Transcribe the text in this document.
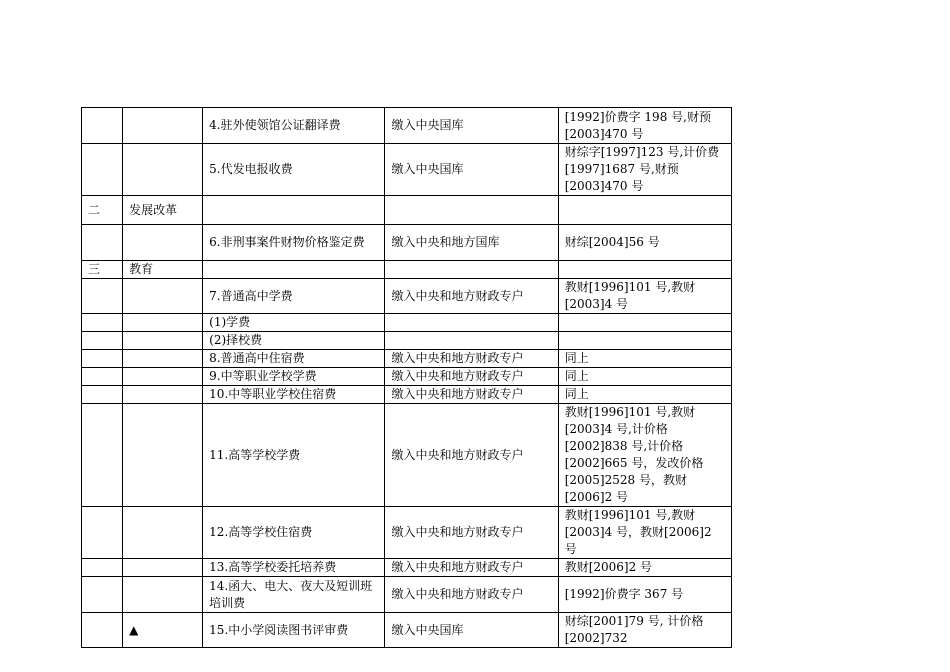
		4.驻外使领馆公证翻译费	缴入中央国库	[1992]价费字 198 号,财预[2003]470 号
		5.代发电报收费	缴入中央国库	财综字[1997]123 号,计价费[1997]1687 号,财预[2003]470 号
二	发展改革			
		6.非刑事案件财物价格鉴定费	缴入中央和地方国库	财综[2004]56 号
三	教育			
		7.普通高中学费	缴入中央和地方财政专户	教财[1996]101 号,教财[2003]4 号
		(1)学费		
		(2)择校费		
		8.普通高中住宿费	缴入中央和地方财政专户	同上
		9.中等职业学校学费	缴入中央和地方财政专户	同上
		10.中等职业学校住宿费	缴入中央和地方财政专户	同上
		11.高等学校学费	缴入中央和地方财政专户	教财[1996]101 号,教财[2003]4 号,计价格[2002]838 号,计价格[2002]665 号，发改价格[2005]2528 号，教财[2006]2 号
		12.高等学校住宿费	缴入中央和地方财政专户	教财[1996]101 号,教财[2003]4 号，教财[2006]2 号
		13.高等学校委托培养费	缴入中央和地方财政专户	教财[2006]2 号
		14.函大、电大、夜大及短训班培训费	缴入中央和地方财政专户	[1992]价费字 367 号
	▲	15.中小学阅读图书评审费	缴入中央国库	财综[2001]79 号, 计价格[2002]732
